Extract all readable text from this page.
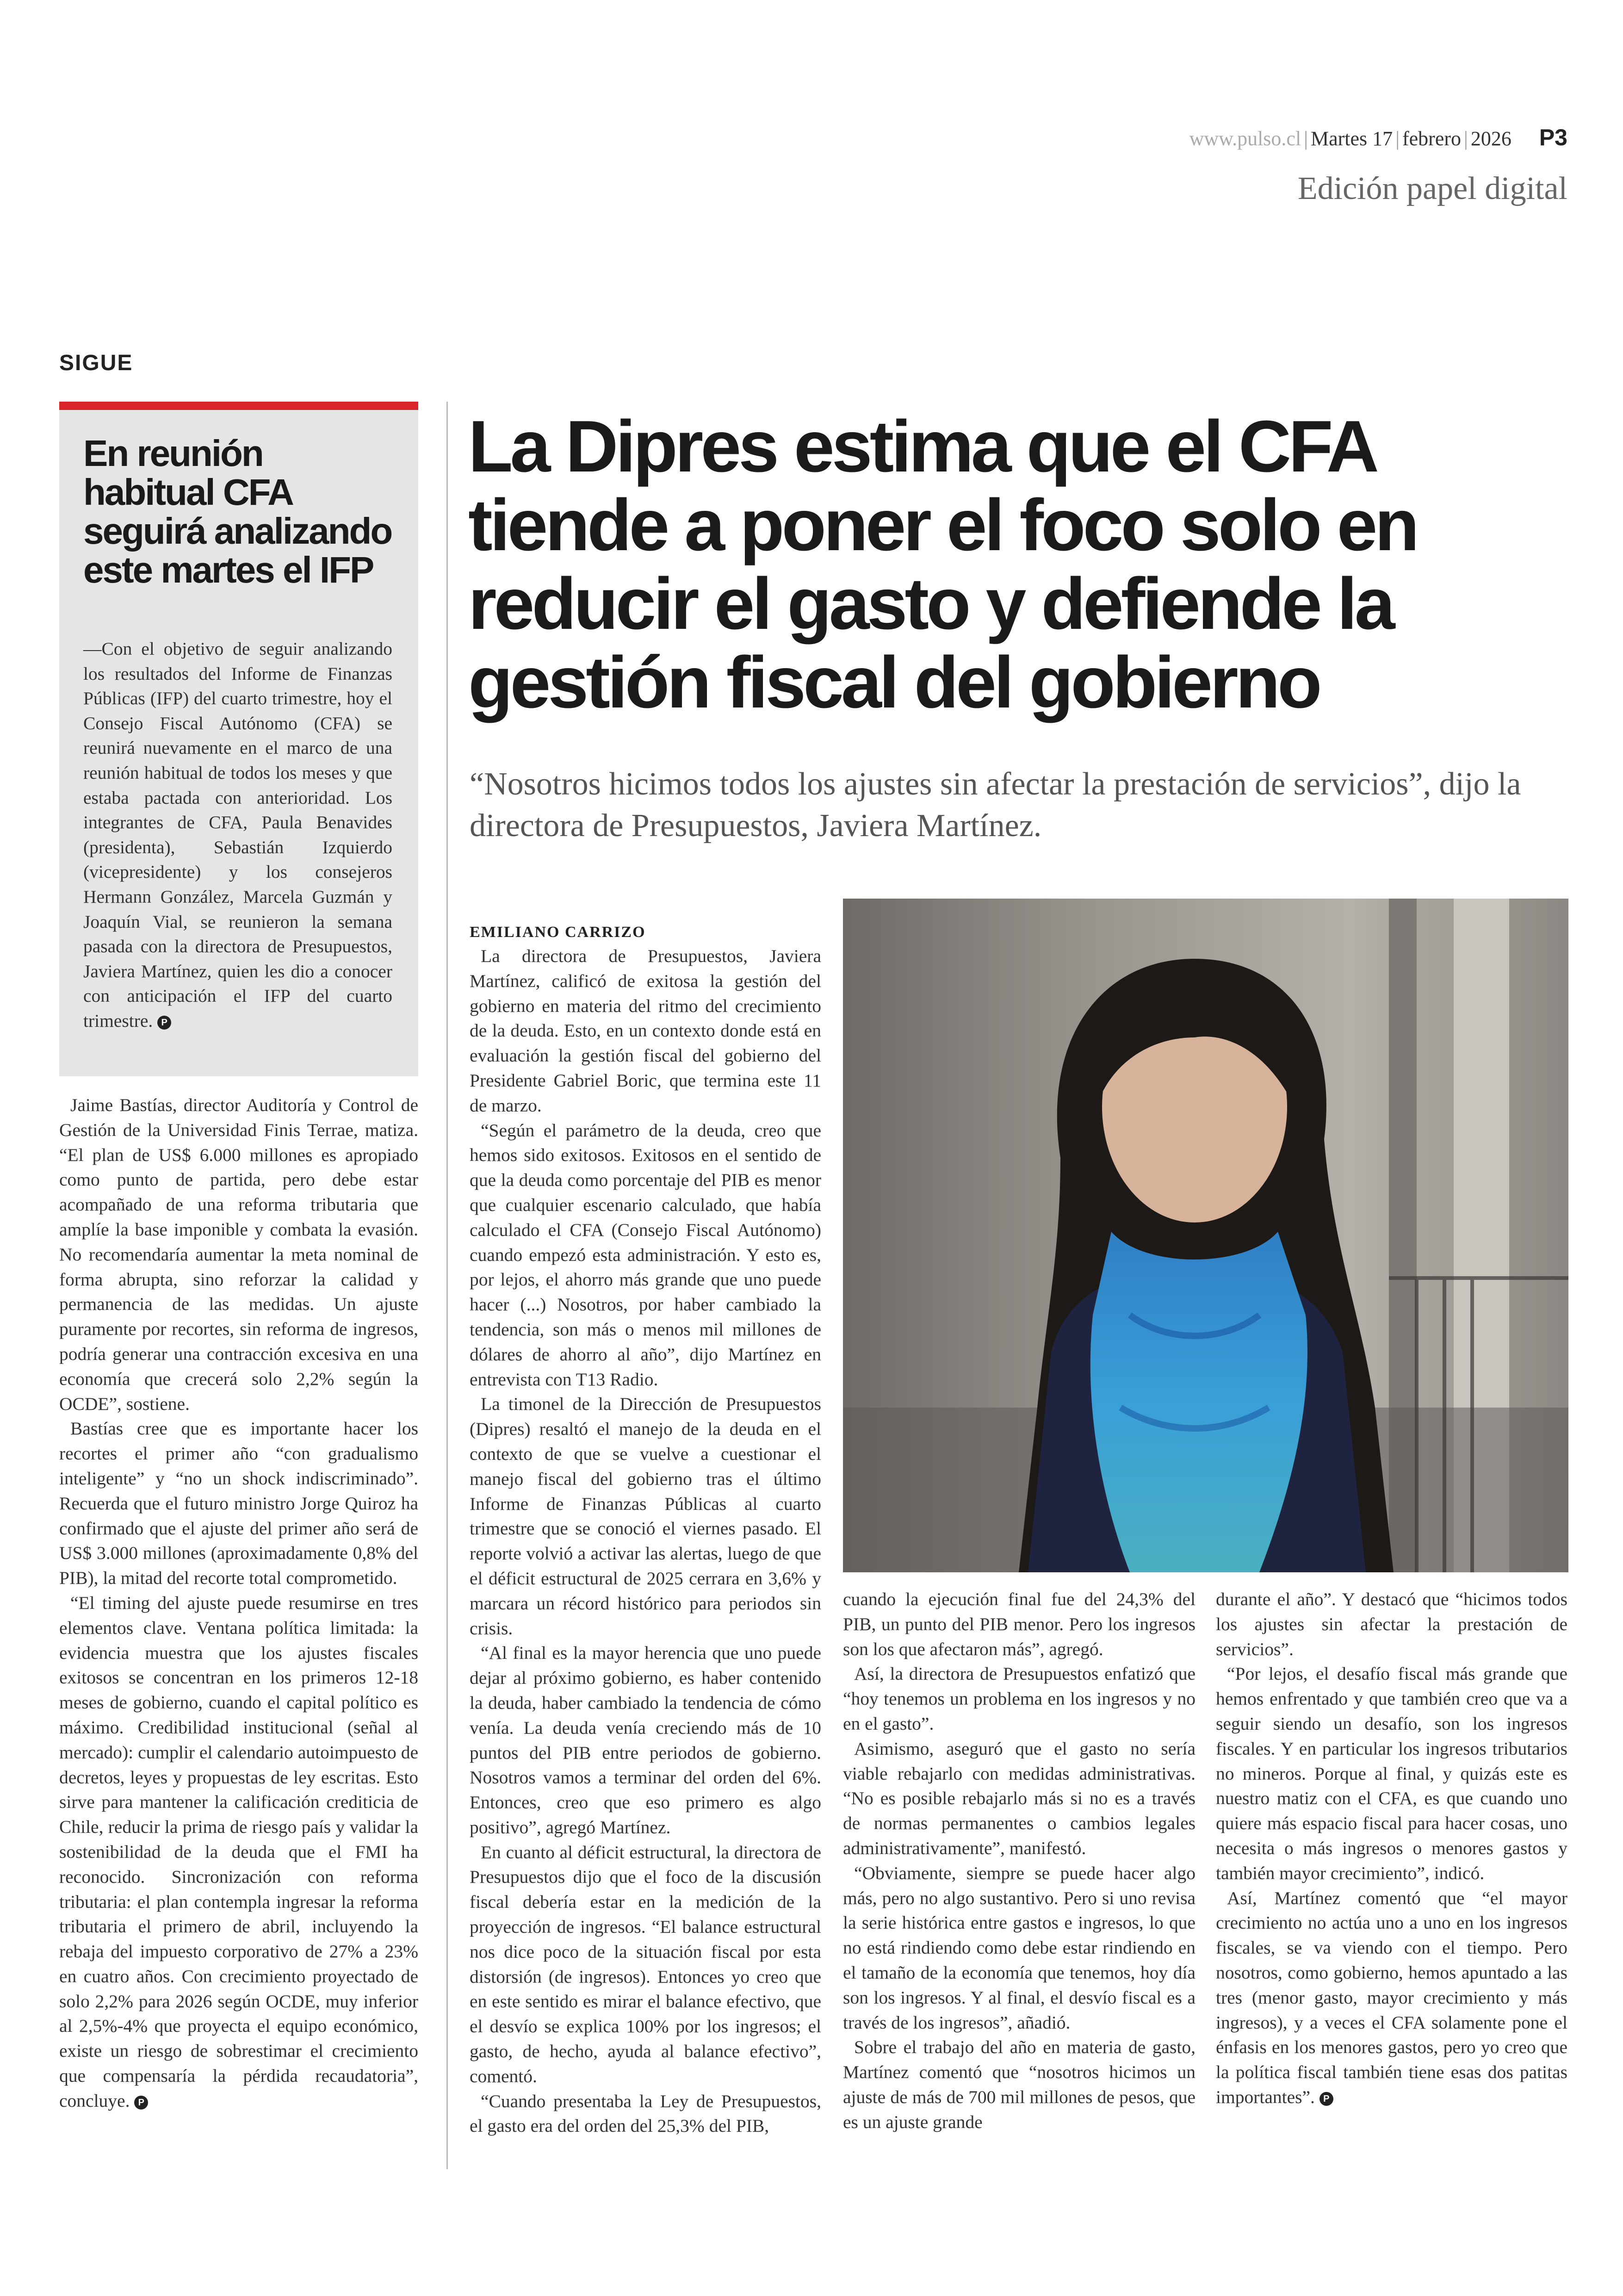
www.pulso.cl | Martes 17 | febrero | 2026 P3
Edición papel digital
SIGUE
En reunión habitual CFA seguirá analizando este martes el IFP

—Con el objetivo de seguir analizando los resultados del Informe de Finanzas Públicas (IFP) del cuarto trimestre, hoy el Consejo Fiscal Autónomo (CFA) se reunirá nuevamente en el marco de una reunión habitual de todos los meses y que estaba pactada con anterioridad. Los integrantes de CFA, Paula Benavides (presidenta), Sebastián Izquierdo (vicepresidente) y los consejeros Hermann González, Marcela Guzmán y Joaquín Vial, se reunieron la semana pasada con la directora de Presupuestos, Javiera Martínez, quien les dio a conocer con anticipación el IFP del cuarto trimestre. P

Jaime Bastías, director Auditoría y Control de Gestión de la Universidad Finis Terrae, matiza. “El plan de US$ 6.000 millones es apropiado como punto de partida, pero debe estar acompañado de una reforma tributaria que amplíe la base imponible y combata la evasión. No recomendaría aumentar la meta nominal de forma abrupta, sino reforzar la calidad y permanencia de las medidas. Un ajuste puramente por recortes, sin reforma de ingresos, podría generar una contracción excesiva en una economía que crecerá solo 2,2% según la OCDE”, sostiene.

Bastías cree que es importante hacer los recortes el primer año “con gradualismo inteligente” y “no un shock indiscriminado”. Recuerda que el futuro ministro Jorge Quiroz ha confirmado que el ajuste del primer año será de US$ 3.000 millones (aproximadamente 0,8% del PIB), la mitad del recorte total comprometido.

“El timing del ajuste puede resumirse en tres elementos clave. Ventana política limitada: la evidencia muestra que los ajustes fiscales exitosos se concentran en los primeros 12-18 meses de gobierno, cuando el capital político es máximo. Credibilidad institucional (señal al mercado): cumplir el calendario autoimpuesto de decretos, leyes y propuestas de ley escritas. Esto sirve para mantener la calificación crediticia de Chile, reducir la prima de riesgo país y validar la sostenibilidad de la deuda que el FMI ha reconocido. Sincronización con reforma tributaria: el plan contempla ingresar la reforma tributaria el primero de abril, incluyendo la rebaja del impuesto corporativo de 27% a 23% en cuatro años. Con crecimiento proyectado de solo 2,2% para 2026 según OCDE, muy inferior al 2,5%-4% que proyecta el equipo económico, existe un riesgo de sobrestimar el crecimiento que compensaría la pérdida recaudatoria”, concluye. P

La Dipres estima que el CFA tiende a poner el foco solo en reducir el gasto y defiende la gestión fiscal del gobierno
“Nosotros hicimos todos los ajustes sin afectar la prestación de servicios”, dijo la directora de Presupuestos, Javiera Martínez.

EMILIANO CARRIZO

La directora de Presupuestos, Javiera Martínez, calificó de exitosa la gestión del gobierno en materia del ritmo del crecimiento de la deuda. Esto, en un contexto donde está en evaluación la gestión fiscal del gobierno del Presidente Gabriel Boric, que termina este 11 de marzo.

“Según el parámetro de la deuda, creo que hemos sido exitosos. Exitosos en el sentido de que la deuda como porcentaje del PIB es menor que cualquier escenario calculado, que había calculado el CFA (Consejo Fiscal Autónomo) cuando empezó esta administración. Y esto es, por lejos, el ahorro más grande que uno puede hacer (...) Nosotros, por haber cambiado la tendencia, son más o menos mil millones de dólares de ahorro al año”, dijo Martínez en entrevista con T13 Radio.

La timonel de la Dirección de Presupuestos (Dipres) resaltó el manejo de la deuda en el contexto de que se vuelve a cuestionar el manejo fiscal del gobierno tras el último Informe de Finanzas Públicas al cuarto trimestre que se conoció el viernes pasado. El reporte volvió a activar las alertas, luego de que el déficit estructural de 2025 cerrara en 3,6% y marcara un récord histórico para periodos sin crisis.

“Al final es la mayor herencia que uno puede dejar al próximo gobierno, es haber contenido la deuda, haber cambiado la tendencia de cómo venía. La deuda venía creciendo más de 10 puntos del PIB entre periodos de gobierno. Nosotros vamos a terminar del orden del 6%. Entonces, creo que eso primero es algo positivo”, agregó Martínez.

En cuanto al déficit estructural, la directora de Presupuestos dijo que el foco de la discusión fiscal debería estar en la medición de la proyección de ingresos. “El balance estructural nos dice poco de la situación fiscal por esta distorsión (de ingresos). Entonces yo creo que en este sentido es mirar el balance efectivo, que el desvío se explica 100% por los ingresos; el gasto, de hecho, ayuda al balance efectivo”, comentó.

“Cuando presentaba la Ley de Presupuestos, el gasto era del orden del 25,3% del PIB,

cuando la ejecución final fue del 24,3% del PIB, un punto del PIB menor. Pero los ingresos son los que afectaron más”, agregó.

Así, la directora de Presupuestos enfatizó que “hoy tenemos un problema en los ingresos y no en el gasto”.

Asimismo, aseguró que el gasto no sería viable rebajarlo con medidas administrativas. “No es posible rebajarlo más si no es a través de normas permanentes o cambios legales administrativamente”, manifestó.

“Obviamente, siempre se puede hacer algo más, pero no algo sustantivo. Pero si uno revisa la serie histórica entre gastos e ingresos, lo que no está rindiendo como debe estar rindiendo en el tamaño de la economía que tenemos, hoy día son los ingresos. Y al final, el desvío fiscal es a través de los ingresos”, añadió.

Sobre el trabajo del año en materia de gasto, Martínez comentó que “nosotros hicimos un ajuste de más de 700 mil millones de pesos, que es un ajuste grande

durante el año”. Y destacó que “hicimos todos los ajustes sin afectar la prestación de servicios”.

“Por lejos, el desafío fiscal más grande que hemos enfrentado y que también creo que va a seguir siendo un desafío, son los ingresos fiscales. Y en particular los ingresos tributarios no mineros. Porque al final, y quizás este es nuestro matiz con el CFA, es que cuando uno quiere más espacio fiscal para hacer cosas, uno necesita o más ingresos o menores gastos y también mayor crecimiento”, indicó.

Así, Martínez comentó que “el mayor crecimiento no actúa uno a uno en los ingresos fiscales, se va viendo con el tiempo. Pero nosotros, como gobierno, hemos apuntado a las tres (menor gasto, mayor crecimiento y más ingresos), y a veces el CFA solamente pone el énfasis en los menores gastos, pero yo creo que la política fiscal también tiene esas dos patitas importantes”. P
